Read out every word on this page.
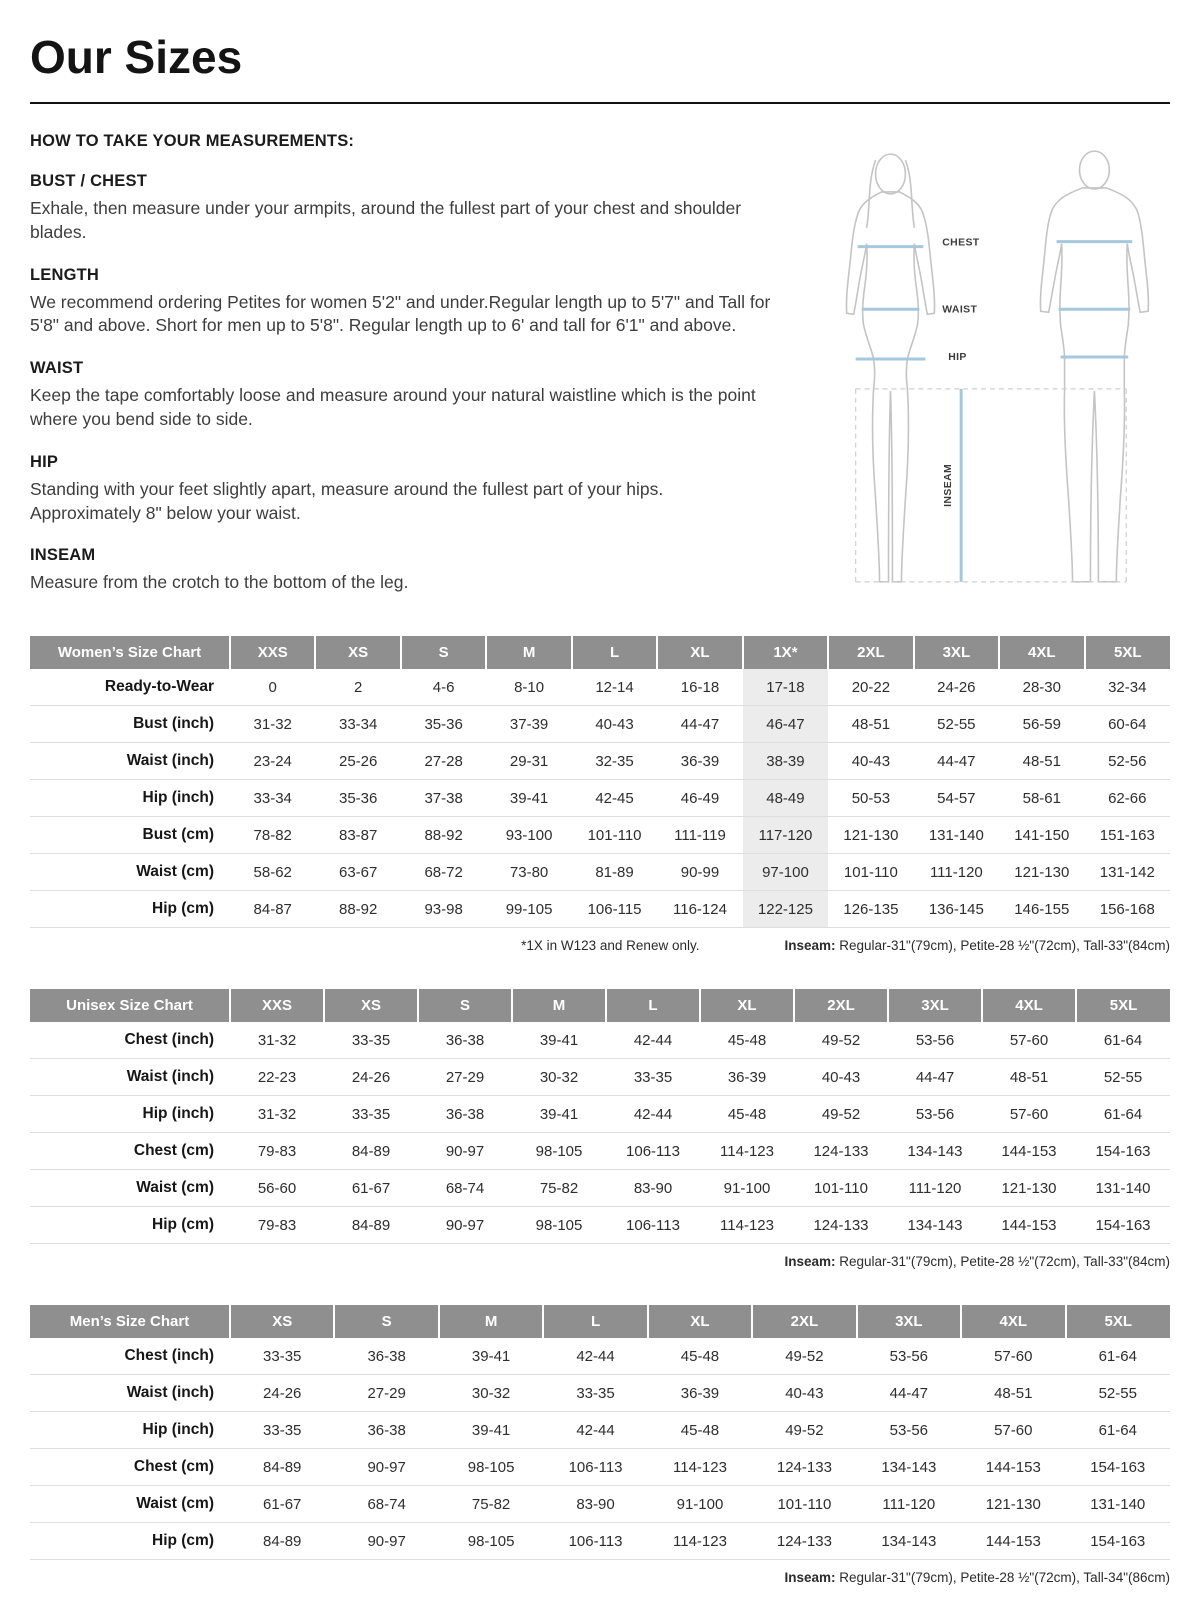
Our Sizes

HOW TO TAKE YOUR MEASUREMENTS:

BUST / CHEST

Exhale, then measure under your armpits, around the fullest part of your chest and shoulder blades.

LENGTH

We recommend ordering Petites for women 5'2" and under.Regular length up to 5'7" and Tall for 5'8" and above. Short for men up to 5'8". Regular length up to 6' and tall for 6'1" and above.

WAIST

Keep the tape comfortably loose and measure around your natural waistline which is the point where you bend side to side.

HIP

Standing with your feet slightly apart, measure around the fullest part of your hips. Approximately 8" below your waist.

INSEAM

Measure from the crotch to the bottom of the leg.

CHEST
WAIST
HIP
INSEAM
Women’s Size Chart	XXS	XS	S	M	L	XL	1X*	2XL	3XL	4XL	5XL
Ready-to-Wear	0	2	4-6	8-10	12-14	16-18	17-18	20-22	24-26	28-30	32-34
Bust (inch)	31-32	33-34	35-36	37-39	40-43	44-47	46-47	48-51	52-55	56-59	60-64
Waist (inch)	23-24	25-26	27-28	29-31	32-35	36-39	38-39	40-43	44-47	48-51	52-56
Hip (inch)	33-34	35-36	37-38	39-41	42-45	46-49	48-49	50-53	54-57	58-61	62-66
Bust (cm)	78-82	83-87	88-92	93-100	101-110	111-119	117-120	121-130	131-140	141-150	151-163
Waist (cm)	58-62	63-67	68-72	73-80	81-89	90-99	97-100	101-110	111-120	121-130	131-142
Hip (cm)	84-87	88-92	93-98	99-105	106-115	116-124	122-125	126-135	136-145	146-155	156-168
*1X in W123 and Renew only.	Inseam: Regular-31"(79cm), Petite-28 ½"(72cm), Tall-33"(84cm)
Unisex Size Chart	XXS	XS	S	M	L	XL	2XL	3XL	4XL	5XL
Chest (inch)	31-32	33-35	36-38	39-41	42-44	45-48	49-52	53-56	57-60	61-64
Waist (inch)	22-23	24-26	27-29	30-32	33-35	36-39	40-43	44-47	48-51	52-55
Hip (inch)	31-32	33-35	36-38	39-41	42-44	45-48	49-52	53-56	57-60	61-64
Chest (cm)	79-83	84-89	90-97	98-105	106-113	114-123	124-133	134-143	144-153	154-163
Waist (cm)	56-60	61-67	68-74	75-82	83-90	91-100	101-110	111-120	121-130	131-140
Hip (cm)	79-83	84-89	90-97	98-105	106-113	114-123	124-133	134-143	144-153	154-163
Inseam: Regular-31"(79cm), Petite-28 ½"(72cm), Tall-33"(84cm)
Men’s Size Chart	XS	S	M	L	XL	2XL	3XL	4XL	5XL
Chest (inch)	33-35	36-38	39-41	42-44	45-48	49-52	53-56	57-60	61-64
Waist (inch)	24-26	27-29	30-32	33-35	36-39	40-43	44-47	48-51	52-55
Hip (inch)	33-35	36-38	39-41	42-44	45-48	49-52	53-56	57-60	61-64
Chest (cm)	84-89	90-97	98-105	106-113	114-123	124-133	134-143	144-153	154-163
Waist (cm)	61-67	68-74	75-82	83-90	91-100	101-110	111-120	121-130	131-140
Hip (cm)	84-89	90-97	98-105	106-113	114-123	124-133	134-143	144-153	154-163
Inseam: Regular-31"(79cm), Petite-28 ½"(72cm), Tall-34"(86cm)
